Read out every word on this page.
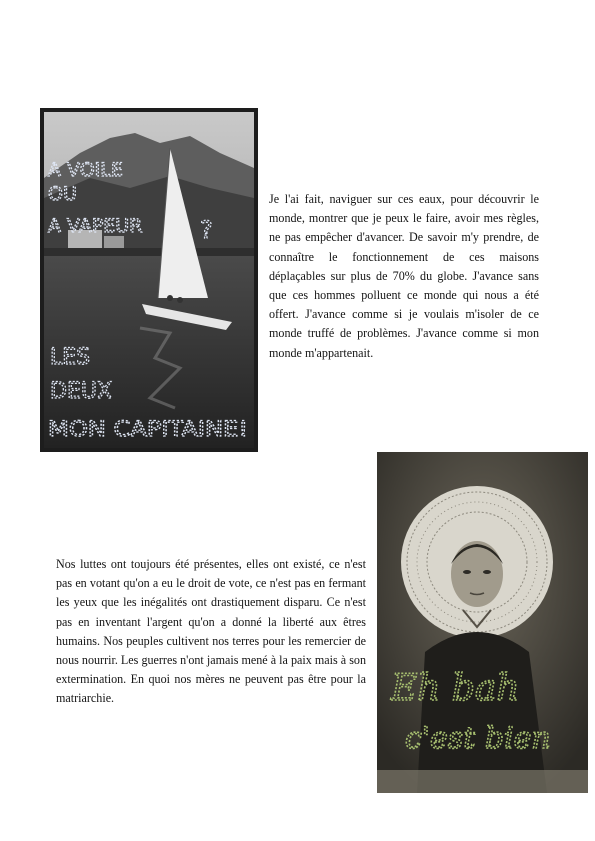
A VOILE
OU
A VAPEUR ?
LES
DEUX
MON CAPITAINE!

Je l'ai fait, naviguer sur ces eaux, pour découvrir le monde, montrer que je peux le faire, avoir mes règles, ne pas empêcher d'avancer. De savoir m'y prendre, de connaître le fonctionnement de ces maisons déplaçables sur plus de 70% du globe. J'avance sans que ces hommes polluent ce monde qui nous a été offert. J'avance comme si je voulais m'isoler de ce monde truffé de problèmes. J'avance comme si mon monde m'appartenait.

Nos luttes ont toujours été présentes, elles ont existé, ce n'est pas en votant qu'on a eu le droit de vote, ce n'est pas en fermant les yeux que les inégalités ont drastiquement disparu. Ce n'est pas en inventant l'argent qu'on a donné la liberté aux êtres humains. Nos peuples cultivent nos terres pour les remercier de nous nourrir. Les guerres n'ont jamais mené à la paix mais à son extermination. En quoi nos mères ne peuvent pas être pour la matriarchie.	Eh bah
c'est bien
